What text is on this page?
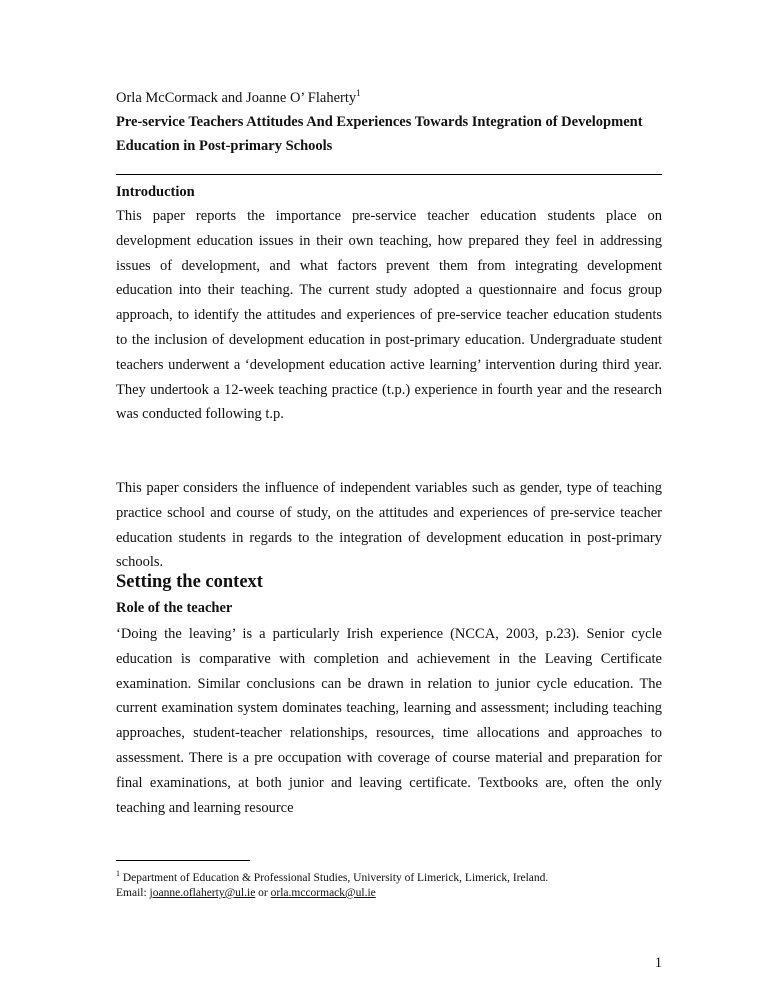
Orla McCormack and Joanne O’ Flaherty$^1$
Pre-service Teachers Attitudes And Experiences Towards Integration of Development Education in Post-primary Schools
Introduction

This paper reports the importance pre-service teacher education students place on development education issues in their own teaching, how prepared they feel in addressing issues of development, and what factors prevent them from integrating development education into their teaching. The current study adopted a questionnaire and focus group approach, to identify the attitudes and experiences of pre-service teacher education students to the inclusion of development education in post-primary education. Undergraduate student teachers underwent a ‘development education active learning’ intervention during third year. They undertook a 12-week teaching practice (t.p.) experience in fourth year and the research was conducted following t.p.

This paper considers the influence of independent variables such as gender, type of teaching practice school and course of study, on the attitudes and experiences of pre-service teacher education students in regards to the integration of development education in post-primary schools.

Setting the context
Role of the teacher

‘Doing the leaving’ is a particularly Irish experience (NCCA, 2003, p.23). Senior cycle education is comparative with completion and achievement in the Leaving Certificate examination. Similar conclusions can be drawn in relation to junior cycle education. The current examination system dominates teaching, learning and assessment; including teaching approaches, student-teacher relationships, resources, time allocations and approaches to assessment. There is a pre occupation with coverage of course material and preparation for final examinations, at both junior and leaving certificate. Textbooks are, often the only teaching and learning resource

$^1$ Department of Education & Professional Studies, University of Limerick, Limerick, Ireland.
Email: joanne.oflaherty@ul.ie or orla.mccormack@ul.ie
1
